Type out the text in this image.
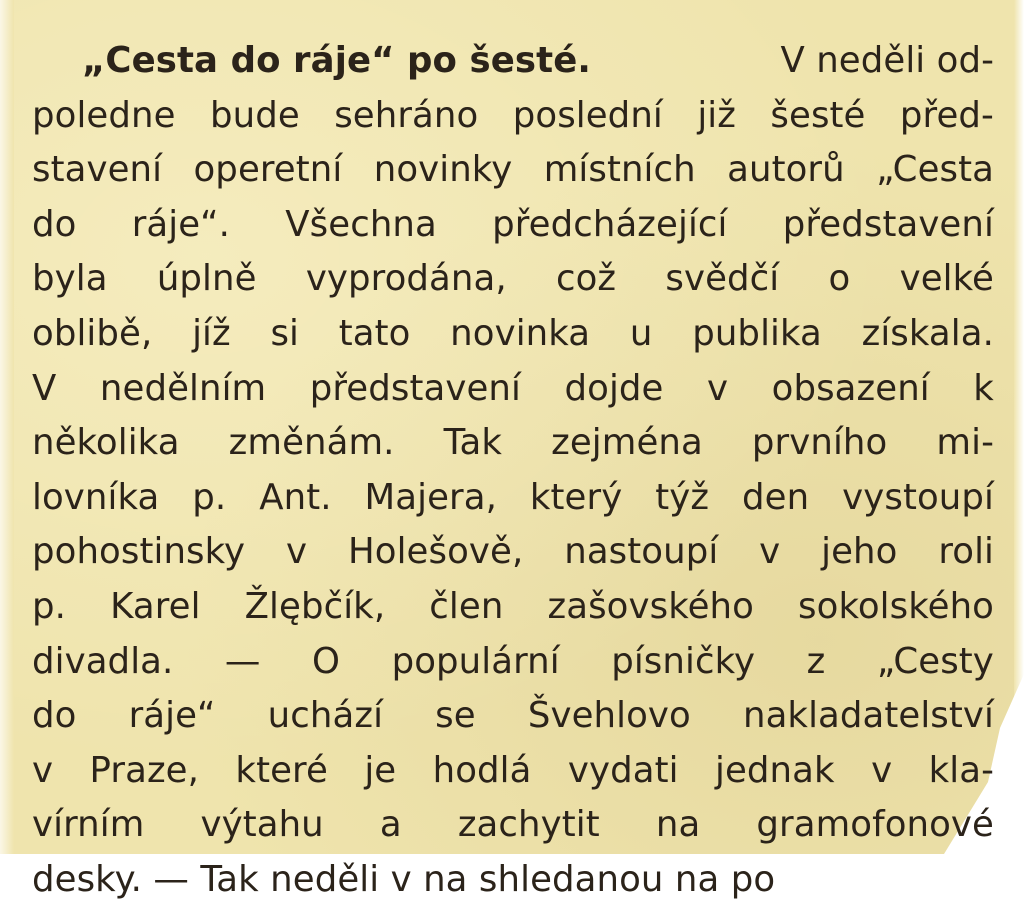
„Cesta do ráje“ po šesté.	V neděli od-
poledne bude sehráno poslední již šesté před-
stavení operetní novinky místních autorů „Cesta
do ráje“. Všechna předcházející představení
byla úplně vyprodána, což svědčí o velké
oblibě, jíž si tato novinka u publika získala.
V nedělním představení dojde v obsazení k
několika změnám. Tak zejména prvního mi-
lovníka p. Ant. Majera, který týž den vystoupí
pohostinsky v Holešově, nastoupí v jeho roli
p. Karel Žlębčík, člen zašovského sokolského
divadla. — O populární písničky z „Cesty
do ráje“ uchází se Švehlovo nakladatelství
v Praze, které je hodlá vydati jednak v kla-
vírním výtahu a zachytit na gramofonové
desky. — Tak neděli v na shledanou na po
